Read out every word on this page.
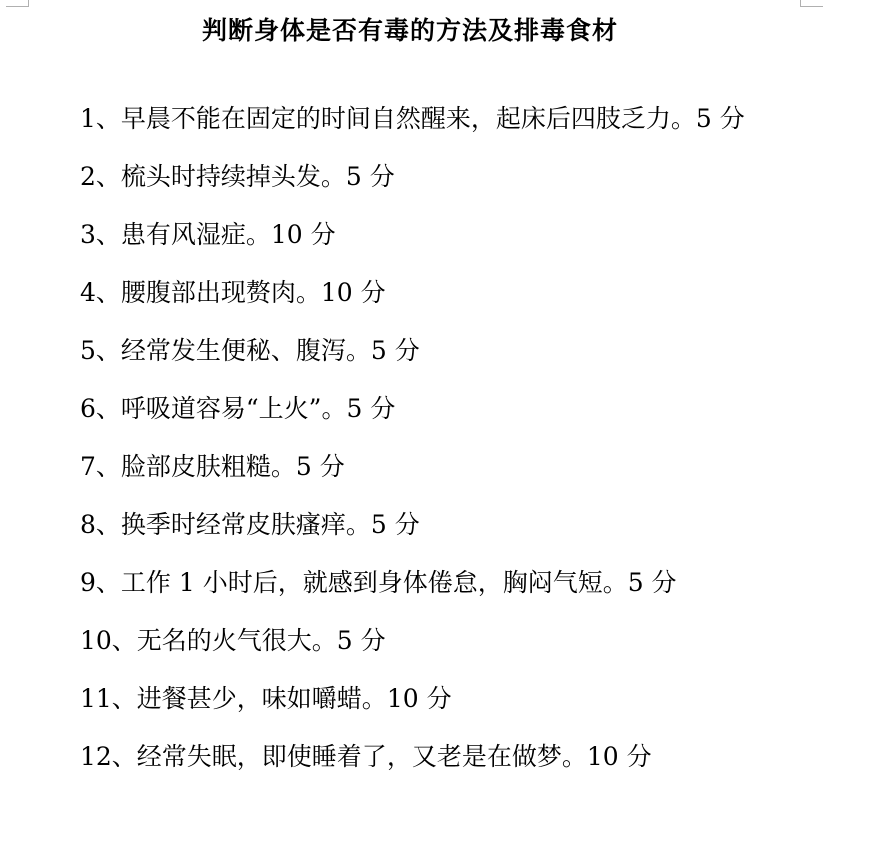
判断身体是否有毒的方法及排毒食材

1、早晨不能在固定的时间自然醒来，起床后四肢乏力。5 分

2、梳头时持续掉头发。5 分

3、患有风湿症。10 分

4、腰腹部出现赘肉。10 分

5、经常发生便秘、腹泻。5 分

6、呼吸道容易“上火”。5 分

7、脸部皮肤粗糙。5 分

8、换季时经常皮肤瘙痒。5 分

9、工作 1 小时后，就感到身体倦怠，胸闷气短。5 分

10、无名的火气很大。5 分

11、进餐甚少，味如嚼蜡。10 分

12、经常失眠，即使睡着了，又老是在做梦。10 分
